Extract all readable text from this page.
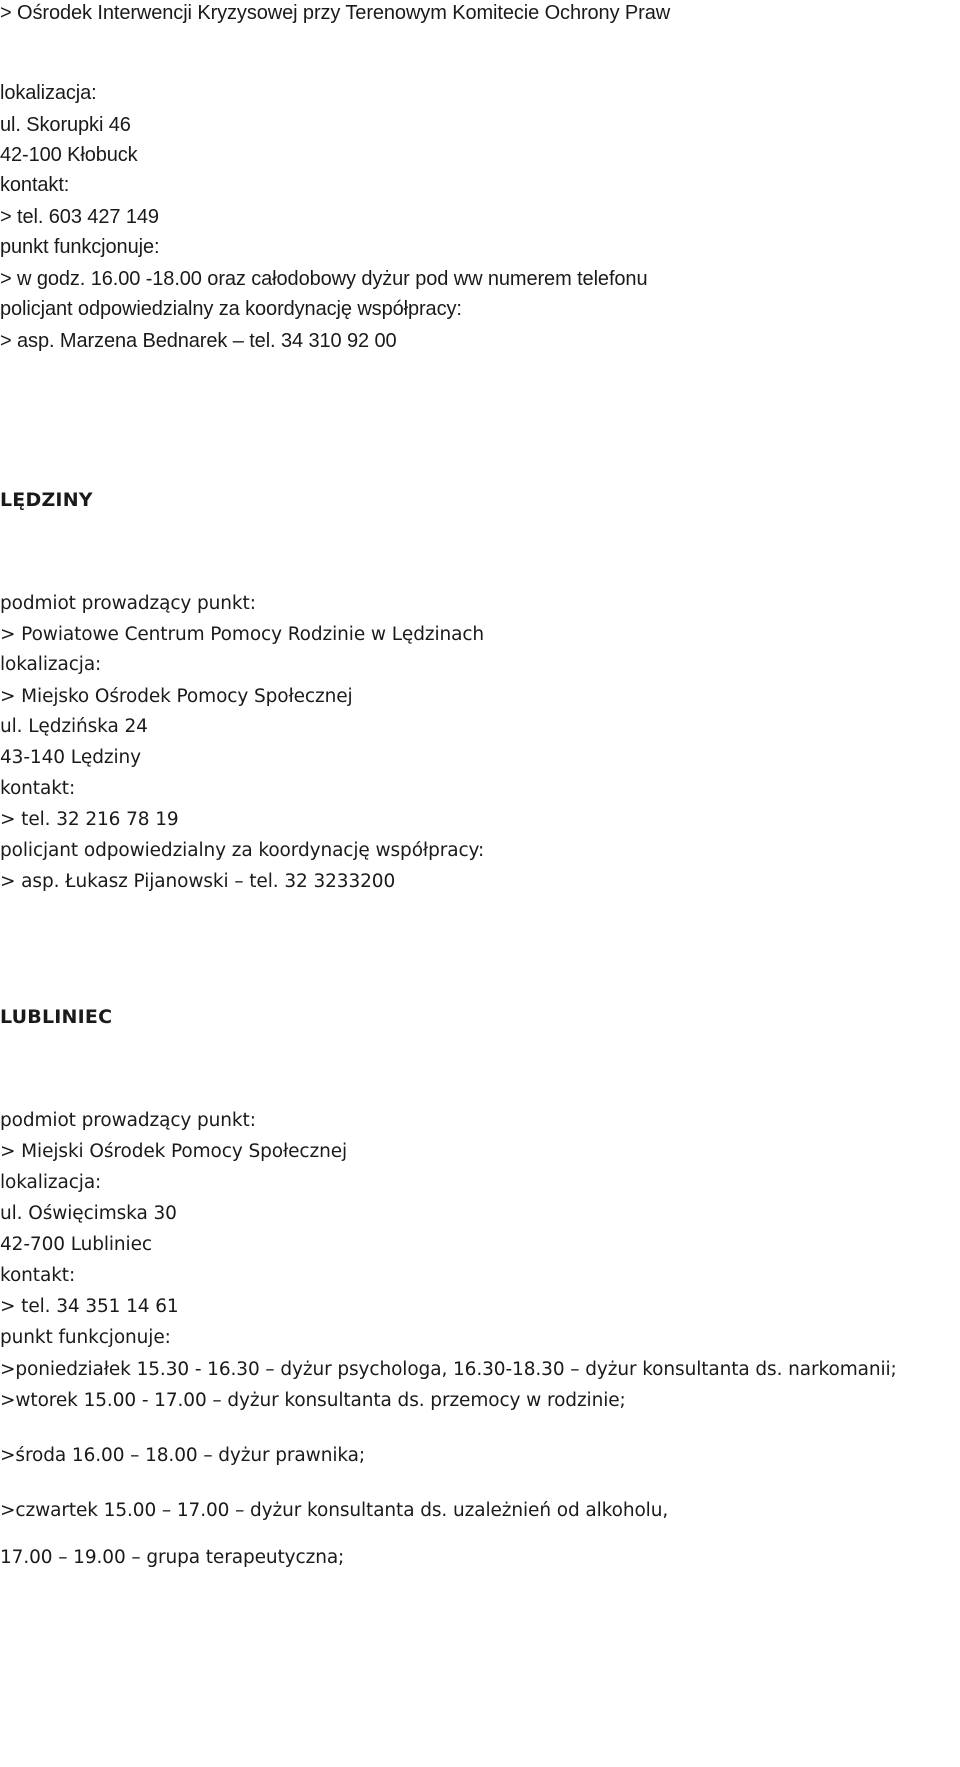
> Ośrodek Interwencji Kryzysowej przy Terenowym Komitecie Ochrony Praw
lokalizacja:
ul. Skorupki 46
42-100 Kłobuck
kontakt:
> tel. 603 427 149
punkt funkcjonuje:
> w godz. 16.00 -18.00 oraz całodobowy dyżur pod ww numerem telefonu
policjant odpowiedzialny za koordynację współpracy:
> asp. Marzena Bednarek – tel. 34 310 92 00
LĘDZINY
podmiot prowadzący punkt:
> Powiatowe Centrum Pomocy Rodzinie w Lędzinach
lokalizacja:
> Miejsko Ośrodek Pomocy Społecznej
ul. Lędzińska 24
43-140 Lędziny
kontakt:
> tel. 32 216 78 19
policjant odpowiedzialny za koordynację współpracy:
> asp. Łukasz Pijanowski – tel. 32 3233200
LUBLINIEC
podmiot prowadzący punkt:
> Miejski Ośrodek Pomocy Społecznej
lokalizacja:
ul. Oświęcimska 30
42-700 Lubliniec
kontakt:
> tel. 34 351 14 61
punkt funkcjonuje:
>poniedziałek 15.30 - 16.30 – dyżur psychologa, 16.30-18.30 – dyżur konsultanta ds. narkomanii;
>wtorek 15.00 - 17.00 – dyżur konsultanta ds. przemocy w rodzinie;
>środa 16.00 – 18.00 – dyżur prawnika;
>czwartek 15.00 – 17.00 – dyżur konsultanta ds. uzależnień od alkoholu,
17.00 – 19.00 – grupa terapeutyczna;
